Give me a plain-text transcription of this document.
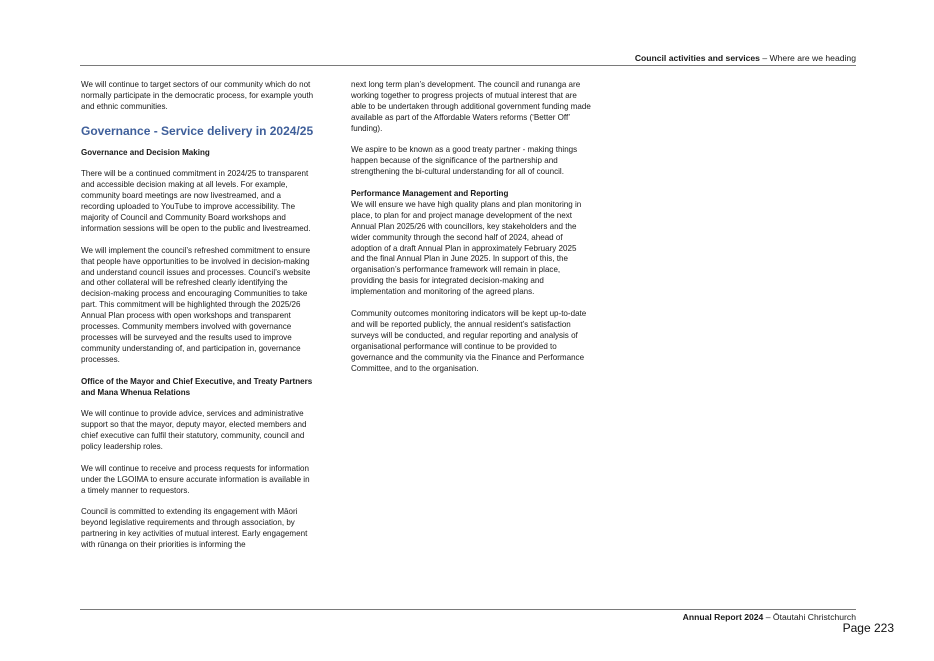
Council activities and services – Where are we heading

We will continue to target sectors of our community which do not normally participate in the democratic process, for example youth and ethnic communities.

Governance - Service delivery in 2024/25
Governance and Decision Making

There will be a continued commitment in 2024/25 to transparent and accessible decision making at all levels. For example, community board meetings are now livestreamed, and a recording uploaded to YouTube to improve accessibility. The majority of Council and Community Board workshops and information sessions will be open to the public and livestreamed.

We will implement the council’s refreshed commitment to ensure that people have opportunities to be involved in decision-making and understand council issues and processes. Council’s website and other collateral will be refreshed clearly identifying the decision-making process and encouraging Communities to take part. This commitment will be highlighted through the 2025/26 Annual Plan process with open workshops and transparent processes. Community members involved with governance processes will be surveyed and the results used to improve community understanding of, and participation in, governance processes.

Office of the Mayor and Chief Executive, and Treaty Partners and Mana Whenua Relations

We will continue to provide advice, services and administrative support so that the mayor, deputy mayor, elected members and chief executive can fulfil their statutory, community, council and policy leadership roles.

We will continue to receive and process requests for information under the LGOIMA to ensure accurate information is available in a timely manner to requestors.

Council is committed to extending its engagement with Māori beyond legislative requirements and through association, by partnering in key activities of mutual interest. Early engagement with rūnanga on their priorities is informing the

next long term plan’s development. The council and runanga are working together to progress projects of mutual interest that are able to be undertaken through additional government funding made available as part of the Affordable Waters reforms (‘Better Off’ funding).

We aspire to be known as a good treaty partner - making things happen because of the significance of the partnership and strengthening the bi-cultural understanding for all of council.

Performance Management and Reporting

We will ensure we have high quality plans and plan monitoring in place, to plan for and project manage development of the next Annual Plan 2025/26 with councillors, key stakeholders and the wider community through the second half of 2024, ahead of adoption of a draft Annual Plan in approximately February 2025 and the final Annual Plan in June 2025. In support of this, the organisation’s performance framework will remain in place, providing the basis for integrated decision-making and implementation and monitoring of the agreed plans.

Community outcomes monitoring indicators will be kept up-to-date and will be reported publicly, the annual resident’s satisfaction surveys will be conducted, and regular reporting and analysis of organisational performance will continue to be provided to governance and the community via the Finance and Performance Committee, and to the organisation.

Annual Report 2024 – Ōtautahi Christchurch
Page 223
